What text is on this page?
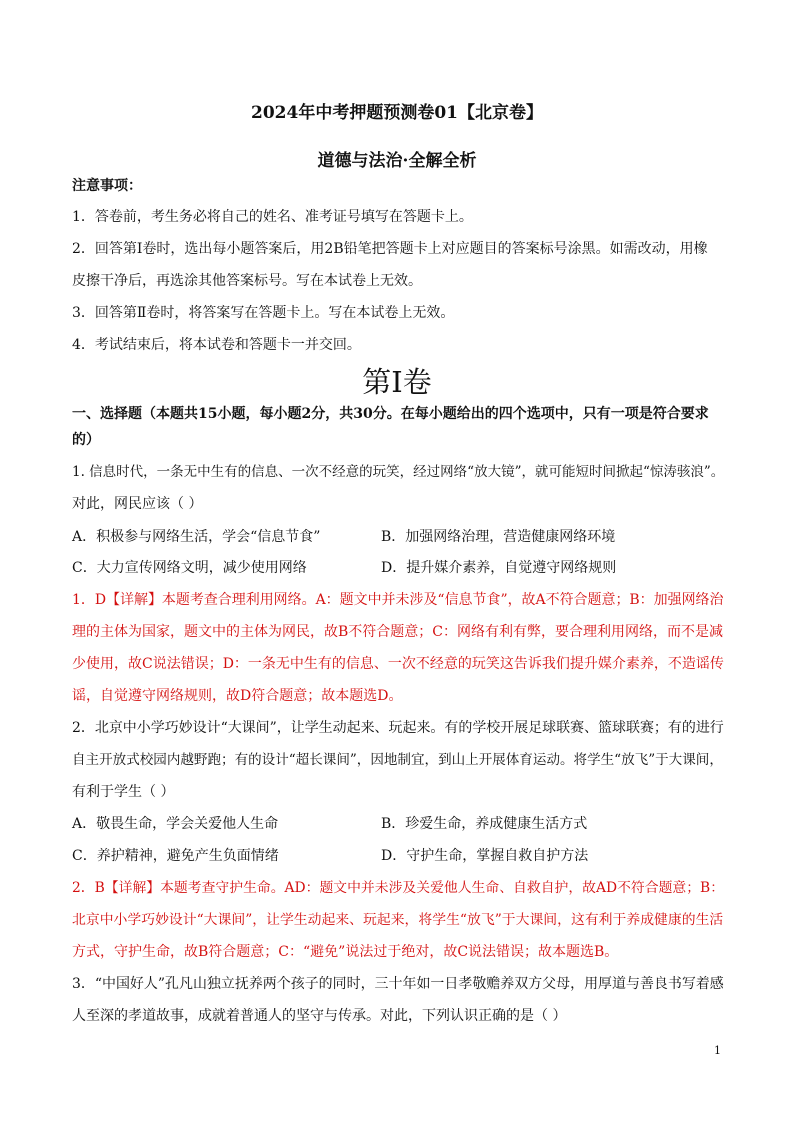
2024年中考押题预测卷01【北京卷】
道德与法治·全解全析
注意事项：
1．答卷前，考生务必将自己的姓名、准考证号填写在答题卡上。
2．回答第Ⅰ卷时，选出每小题答案后，用2B铅笔把答题卡上对应题目的答案标号涂黑。如需改动，用橡
皮擦干净后，再选涂其他答案标号。写在本试卷上无效。
3．回答第Ⅱ卷时，将答案写在答题卡上。写在本试卷上无效。
4．考试结束后，将本试卷和答题卡一并交回。
第Ⅰ卷
一、选择题（本题共15小题，每小题2分，共30分。在每小题给出的四个选项中，只有一项是符合要求
的）
1. 信息时代，一条无中生有的信息、一次不经意的玩笑，经过网络“放大镜”，就可能短时间掀起“惊涛骇浪”。
对此，网民应该（ ）
A．积极参与网络生活，学会“信息节食”	B．加强网络治理，营造健康网络环境
C．大力宣传网络文明，减少使用网络	D．提升媒介素养，自觉遵守网络规则
1．D【详解】本题考查合理利用网络。A：题文中并未涉及“信息节食”，故A不符合题意；B：加强网络治
理的主体为国家，题文中的主体为网民，故B不符合题意；C：网络有利有弊，要合理利用网络，而不是减
少使用，故C说法错误；D：一条无中生有的信息、一次不经意的玩笑这告诉我们提升媒介素养，不造谣传
谣，自觉遵守网络规则，故D符合题意；故本题选D。
2．北京中小学巧妙设计“大课间”，让学生动起来、玩起来。有的学校开展足球联赛、篮球联赛；有的进行
自主开放式校园内越野跑；有的设计“超长课间”，因地制宜，到山上开展体育运动。将学生“放飞”于大课间，
有利于学生（ ）
A．敬畏生命，学会关爱他人生命	B．珍爱生命，养成健康生活方式
C．养护精神，避免产生负面情绪	D．守护生命，掌握自救自护方法
2．B【详解】本题考查守护生命。AD：题文中并未涉及关爱他人生命、自救自护，故AD不符合题意；B：
北京中小学巧妙设计“大课间”，让学生动起来、玩起来，将学生“放飞”于大课间，这有利于养成健康的生活
方式，守护生命，故B符合题意；C：“避免”说法过于绝对，故C说法错误；故本题选B。
3．“中国好人”孔凡山独立抚养两个孩子的同时，三十年如一日孝敬赡养双方父母，用厚道与善良书写着感
人至深的孝道故事，成就着普通人的坚守与传承。对此，下列认识正确的是（ ）
1
